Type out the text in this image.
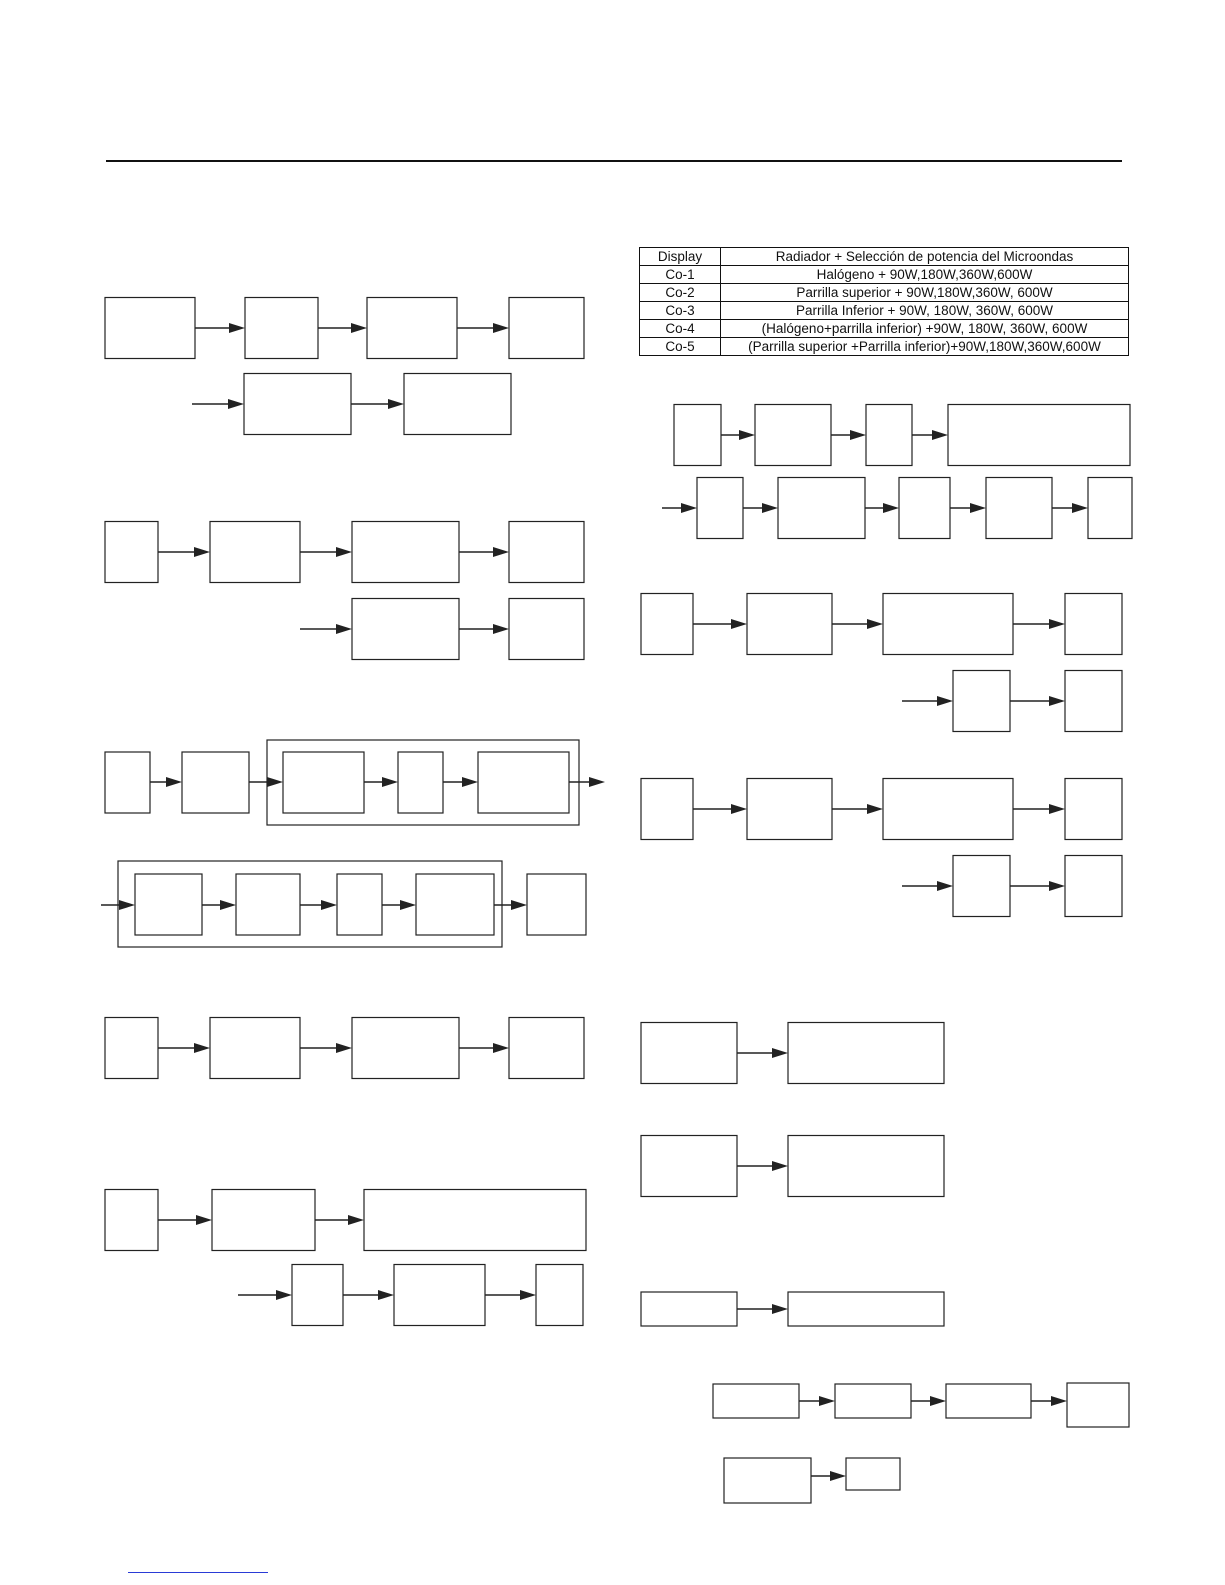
Display	Radiador + Selección de potencia del Microondas
Co-1	Halógeno + 90W,180W,360W,600W
Co-2	Parrilla superior + 90W,180W,360W, 600W
Co-3	Parrilla Inferior + 90W, 180W, 360W, 600W
Co-4	(Halógeno+parrilla inferior) +90W, 180W, 360W, 600W
Co-5	(Parrilla superior +Parrilla inferior)+90W,180W,360W,600W
